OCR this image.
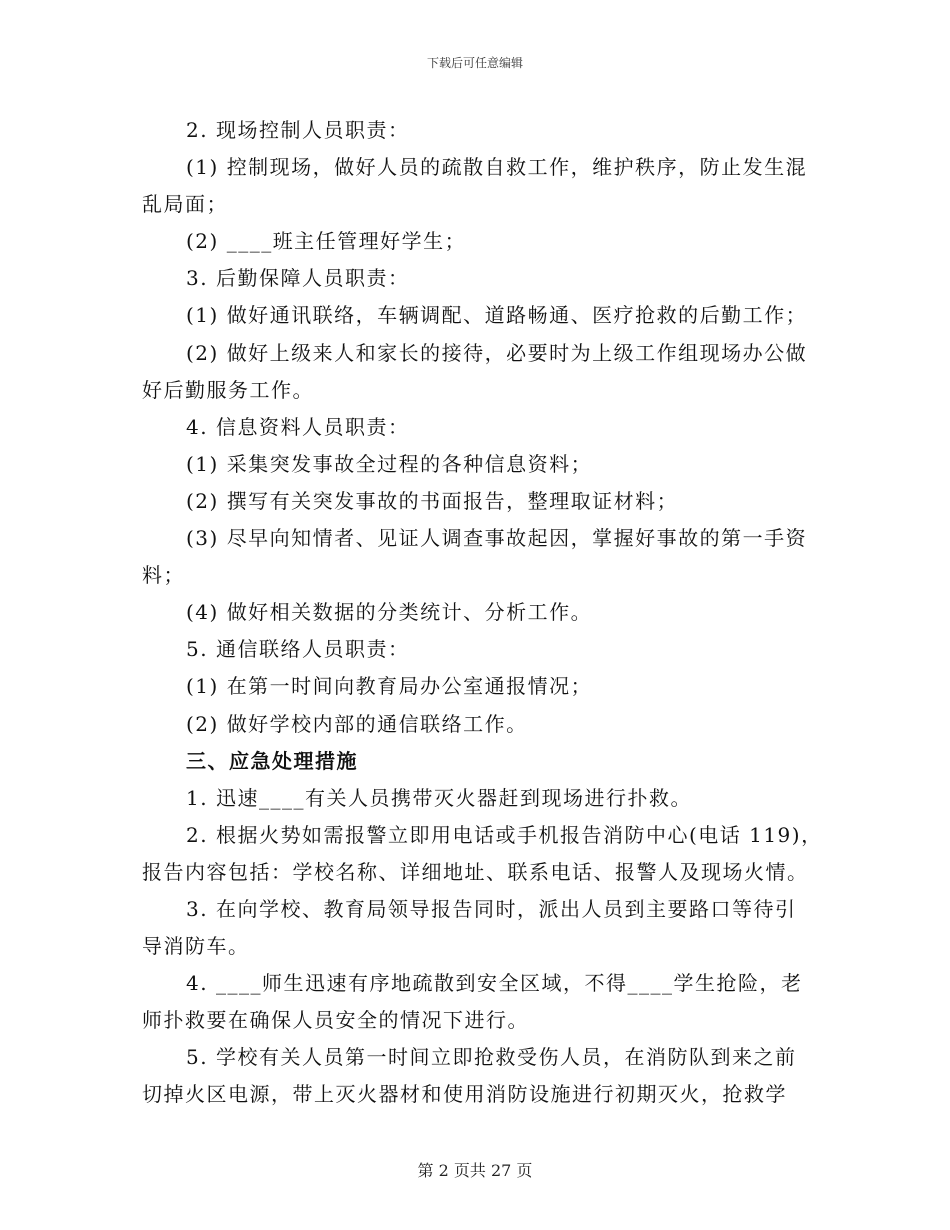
下载后可任意编辑
2. 现场控制人员职责：
(1) 控制现场，做好人员的疏散自救工作，维护秩序，防止发生混
乱局面；
(2) ____班主任管理好学生；
3. 后勤保障人员职责：
(1) 做好通讯联络，车辆调配、道路畅通、医疗抢救的后勤工作；
(2) 做好上级来人和家长的接待，必要时为上级工作组现场办公做
好后勤服务工作。
4. 信息资料人员职责：
(1) 采集突发事故全过程的各种信息资料；
(2) 撰写有关突发事故的书面报告，整理取证材料；
(3) 尽早向知情者、见证人调查事故起因，掌握好事故的第一手资
料；
(4) 做好相关数据的分类统计、分析工作。
5. 通信联络人员职责：
(1) 在第一时间向教育局办公室通报情况；
(2) 做好学校内部的通信联络工作。
三、应急处理措施
1. 迅速____有关人员携带灭火器赶到现场进行扑救。
2. 根据火势如需报警立即用电话或手机报告消防中心(电话 119)，
报告内容包括：学校名称、详细地址、联系电话、报警人及现场火情。
3. 在向学校、教育局领导报告同时，派出人员到主要路口等待引
导消防车。
4. ____师生迅速有序地疏散到安全区域，不得____学生抢险，老
师扑救要在确保人员安全的情况下进行。
5. 学校有关人员第一时间立即抢救受伤人员，在消防队到来之前
切掉火区电源，带上灭火器材和使用消防设施进行初期灭火，抢救学
第 2 页共 27 页
